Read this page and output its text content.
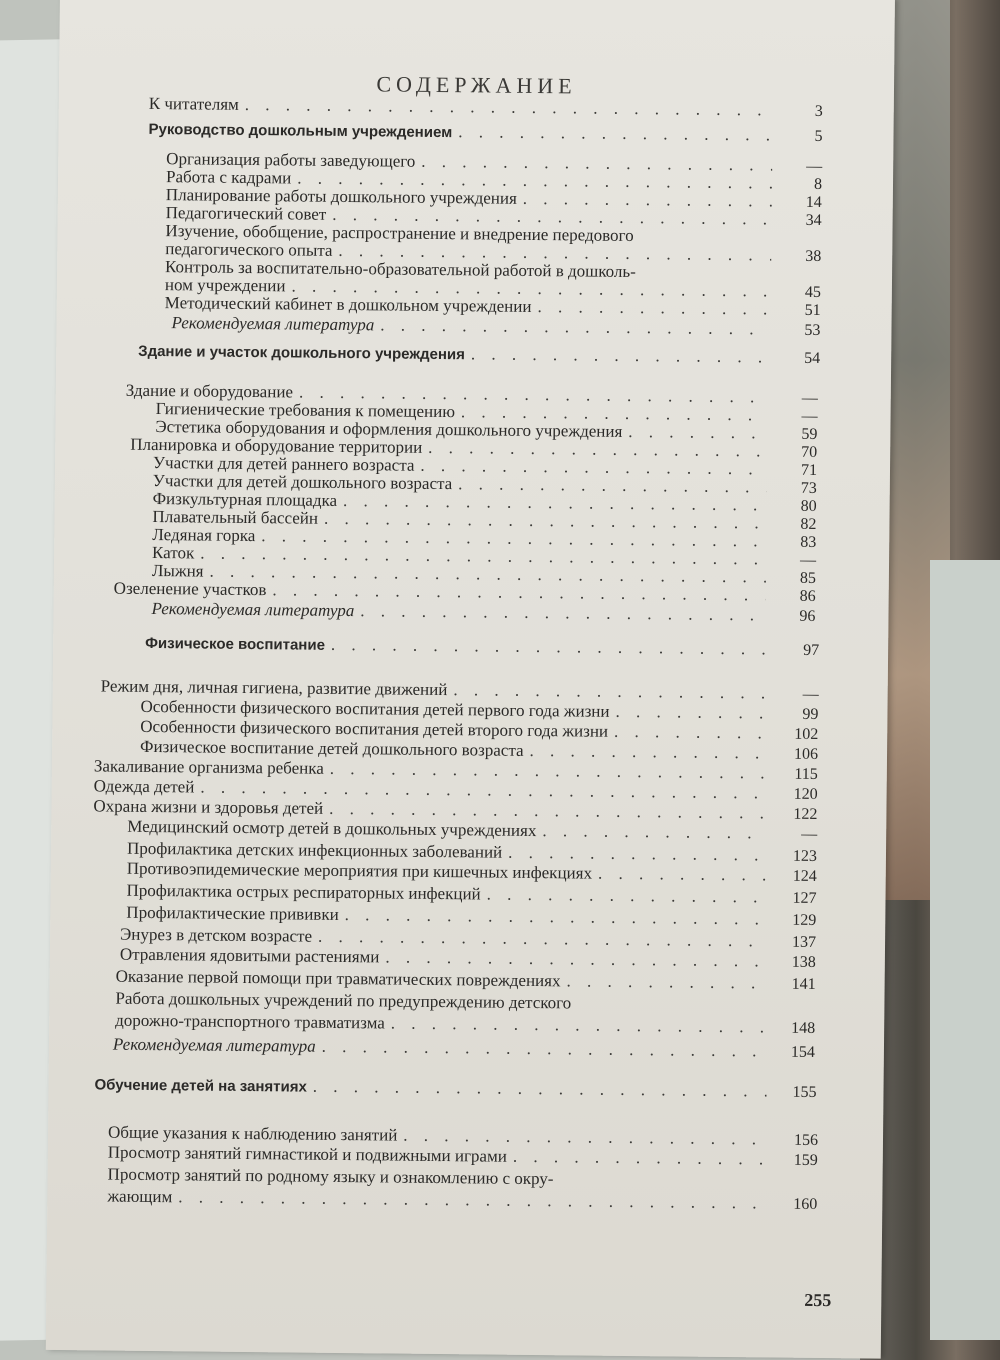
СОДЕРЖАНИЕ
К читателям . . .	3
Руководство дошкольным учреждением . . .	5
Организация работы заведующего . . .	—
Работа с кадрами . . .	8
Планирование работы дошкольного учреждения . . .	14
Педагогический совет . . .	34
Изучение, обобщение, распространение и внедрение передового
педагогического опыта . . .	38
Контроль за воспитательно-образовательной работой в дошколь-
ном учреждении . . .	45
Методический кабинет в дошкольном учреждении . . .	51
Рекомендуемая литература . . .	53
Здание и участок дошкольного учреждения . . .	54
Здание и оборудование . . .	—
Гигиенические требования к помещению . . .	—
Эстетика оборудования и оформления дошкольного учреждения . . .	59
Планировка и оборудование территории . . .	70
Участки для детей раннего возраста . . .	71
Участки для детей дошкольного возраста . . .	73
Физкультурная площадка . . .	80
Плавательный бассейн . . .	82
Ледяная горка . . .	83
Каток . . .	—
Лыжня . . .	85
Озеленение участков . . .	86
Рекомендуемая литература . . .	96
Физическое воспитание . . .	97
Режим дня, личная гигиена, развитие движений . . .	—
Особенности физического воспитания детей первого года жизни . . .	99
Особенности физического воспитания детей второго года жизни . . .	102
Физическое воспитание детей дошкольного возраста . . .	106
Закаливание организма ребенка . . .	115
Одежда детей . . .	120
Охрана жизни и здоровья детей . . .	122
Медицинский осмотр детей в дошкольных учреждениях . . .	—
Профилактика детских инфекционных заболеваний . . .	123
Противоэпидемические мероприятия при кишечных инфекциях . . .	124
Профилактика острых респираторных инфекций . . .	127
Профилактические прививки . . .	129
Энурез в детском возрасте . . .	137
Отравления ядовитыми растениями . . .	138
Оказание первой помощи при травматических повреждениях . . .	141
Работа дошкольных учреждений по предупреждению детского
дорожно-транспортного травматизма . . .	148
Рекомендуемая литература . . .	154
Обучение детей на занятиях . . .	155
Общие указания к наблюдению занятий . . .	156
Просмотр занятий гимнастикой и подвижными играми . . .	159
Просмотр занятий по родному языку и ознакомлению с окру-
жающим . . .	160
255
